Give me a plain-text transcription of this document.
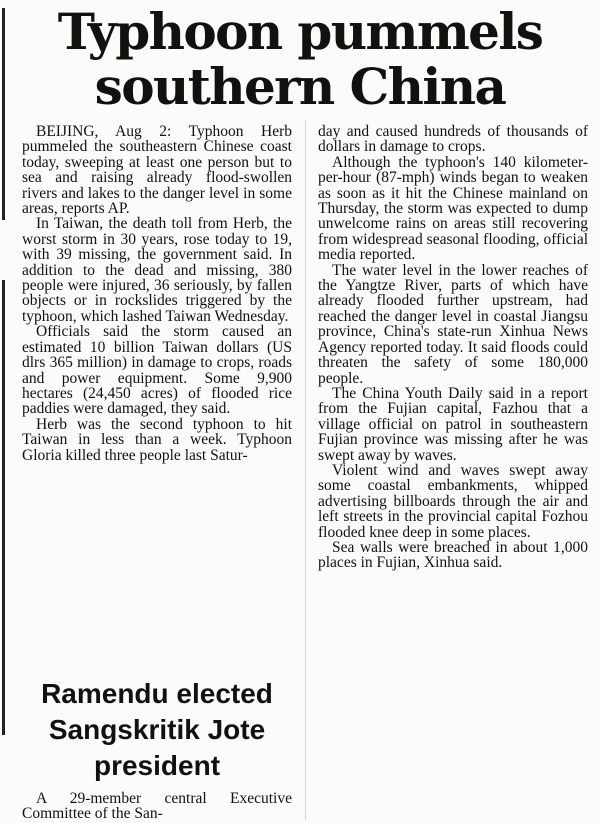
Typhoon pummels southern China

BEIJING, Aug 2: Typhoon Herb pummeled the southeastern Chinese coast today, sweeping at least one person but to sea and raising already flood-swollen rivers and lakes to the danger level in some areas, reports AP.

In Taiwan, the death toll from Herb, the worst storm in 30 years, rose today to 19, with 39 missing, the government said. In addition to the dead and missing, 380 people were injured, 36 seriously, by fallen objects or in rockslides triggered by the typhoon, which lashed Taiwan Wednesday.

Officials said the storm caused an estimated 10 billion Taiwan dollars (US dlrs 365 million) in damage to crops, roads and power equipment. Some 9,900 hectares (24,450 acres) of flooded rice paddies were damaged, they said.

Herb was the second typhoon to hit Taiwan in less than a week. Typhoon Gloria killed three people last Satur-

day and caused hundreds of thousands of dollars in damage to crops.

Although the typhoon's 140 kilometer-per-hour (87-mph) winds began to weaken as soon as it hit the Chinese mainland on Thursday, the storm was expected to dump unwelcome rains on areas still recovering from widespread seasonal flooding, official media reported.

The water level in the lower reaches of the Yangtze River, parts of which have already flooded further upstream, had reached the danger level in coastal Jiangsu province, China's state-run Xinhua News Agency reported today. It said floods could threaten the safety of some 180,000 people.

The China Youth Daily said in a report from the Fujian capital, Fazhou that a village official on patrol in southeastern Fujian province was missing after he was swept away by waves.

Violent wind and waves swept away some coastal embankments, whipped advertising billboards through the air and left streets in the provincial capital Fozhou flooded knee deep in some places.

Sea walls were breached in about 1,000 places in Fujian, Xinhua said.

Ramendu elected Sangskritik Jote president

A 29-member central Executive Committee of the San-
